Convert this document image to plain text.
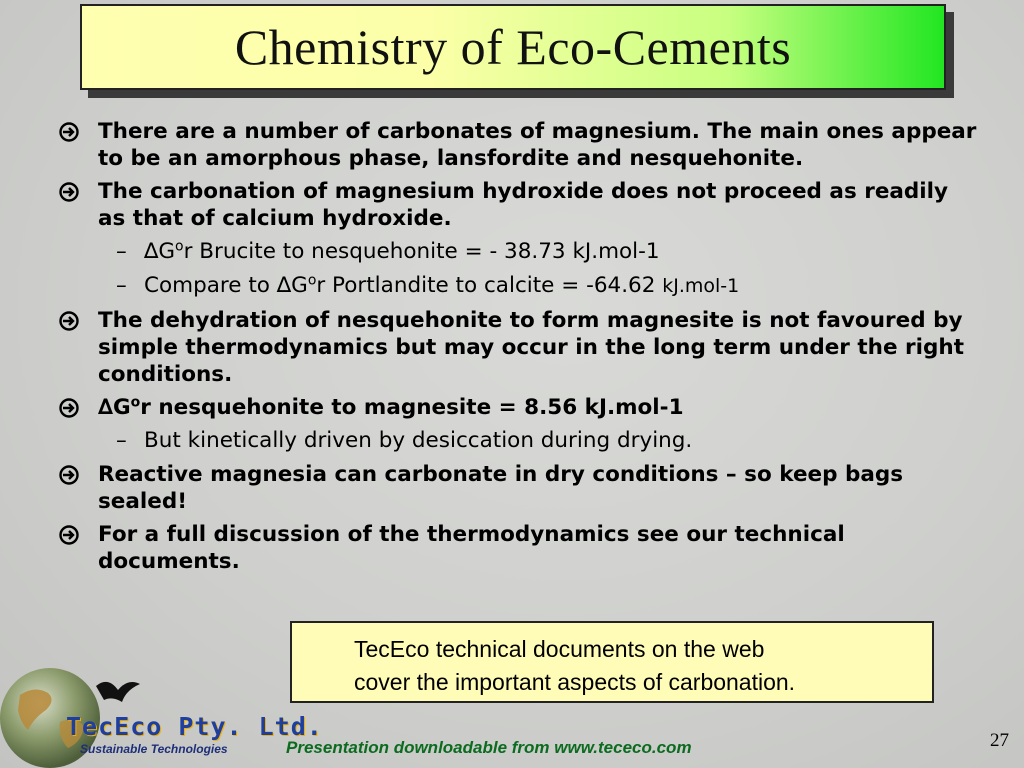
Chemistry of Eco-Cements
There are a number of carbonates of magnesium. The main ones appear to be an amorphous phase, lansfordite and nesquehonite.
The carbonation of magnesium hydroxide does not proceed as readily as that of calcium hydroxide.
– $\Delta G^or$ Brucite to nesquehonite = - 38.73 kJ.mol-1
– Compare to $\Delta G^or$ Portlandite to calcite = -64.62 kJ.mol-1
The dehydration of nesquehonite to form magnesite is not favoured by simple thermodynamics but may occur in the long term under the right conditions.
$\Delta G^or$ nesquehonite to magnesite = 8.56 kJ.mol-1
– But kinetically driven by desiccation during drying.
Reactive magnesia can carbonate in dry conditions – so keep bags sealed!
For a full discussion of the thermodynamics see our technical documents.
TecEco technical documents on the web
cover the important aspects of carbonation.
TecEco Pty. Ltd.
Sustainable Technologies	Presentation downloadable from www.tececo.com	27
